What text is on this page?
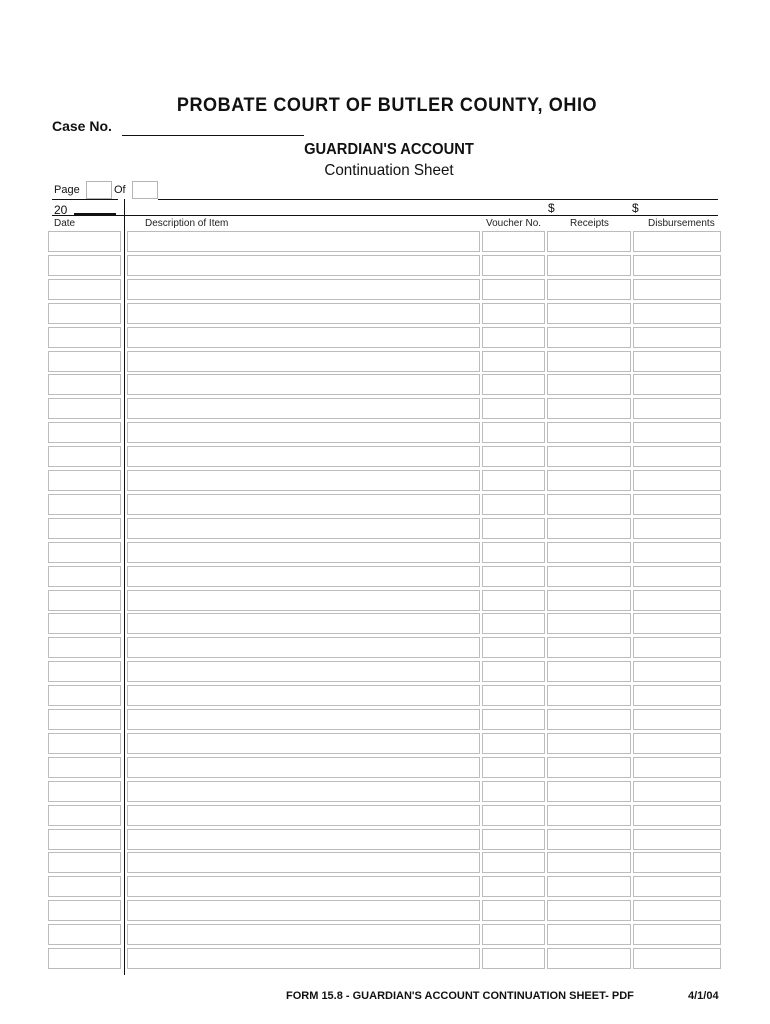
PROBATE COURT OF BUTLER COUNTY, OHIO
Case No.
GUARDIAN'S ACCOUNT
Continuation Sheet
Page	Of
20	$	$
Date	Description of Item	Voucher No.	Receipts	Disbursements
FORM 15.8 - GUARDIAN'S ACCOUNT CONTINUATION SHEET- PDF	4/1/04
